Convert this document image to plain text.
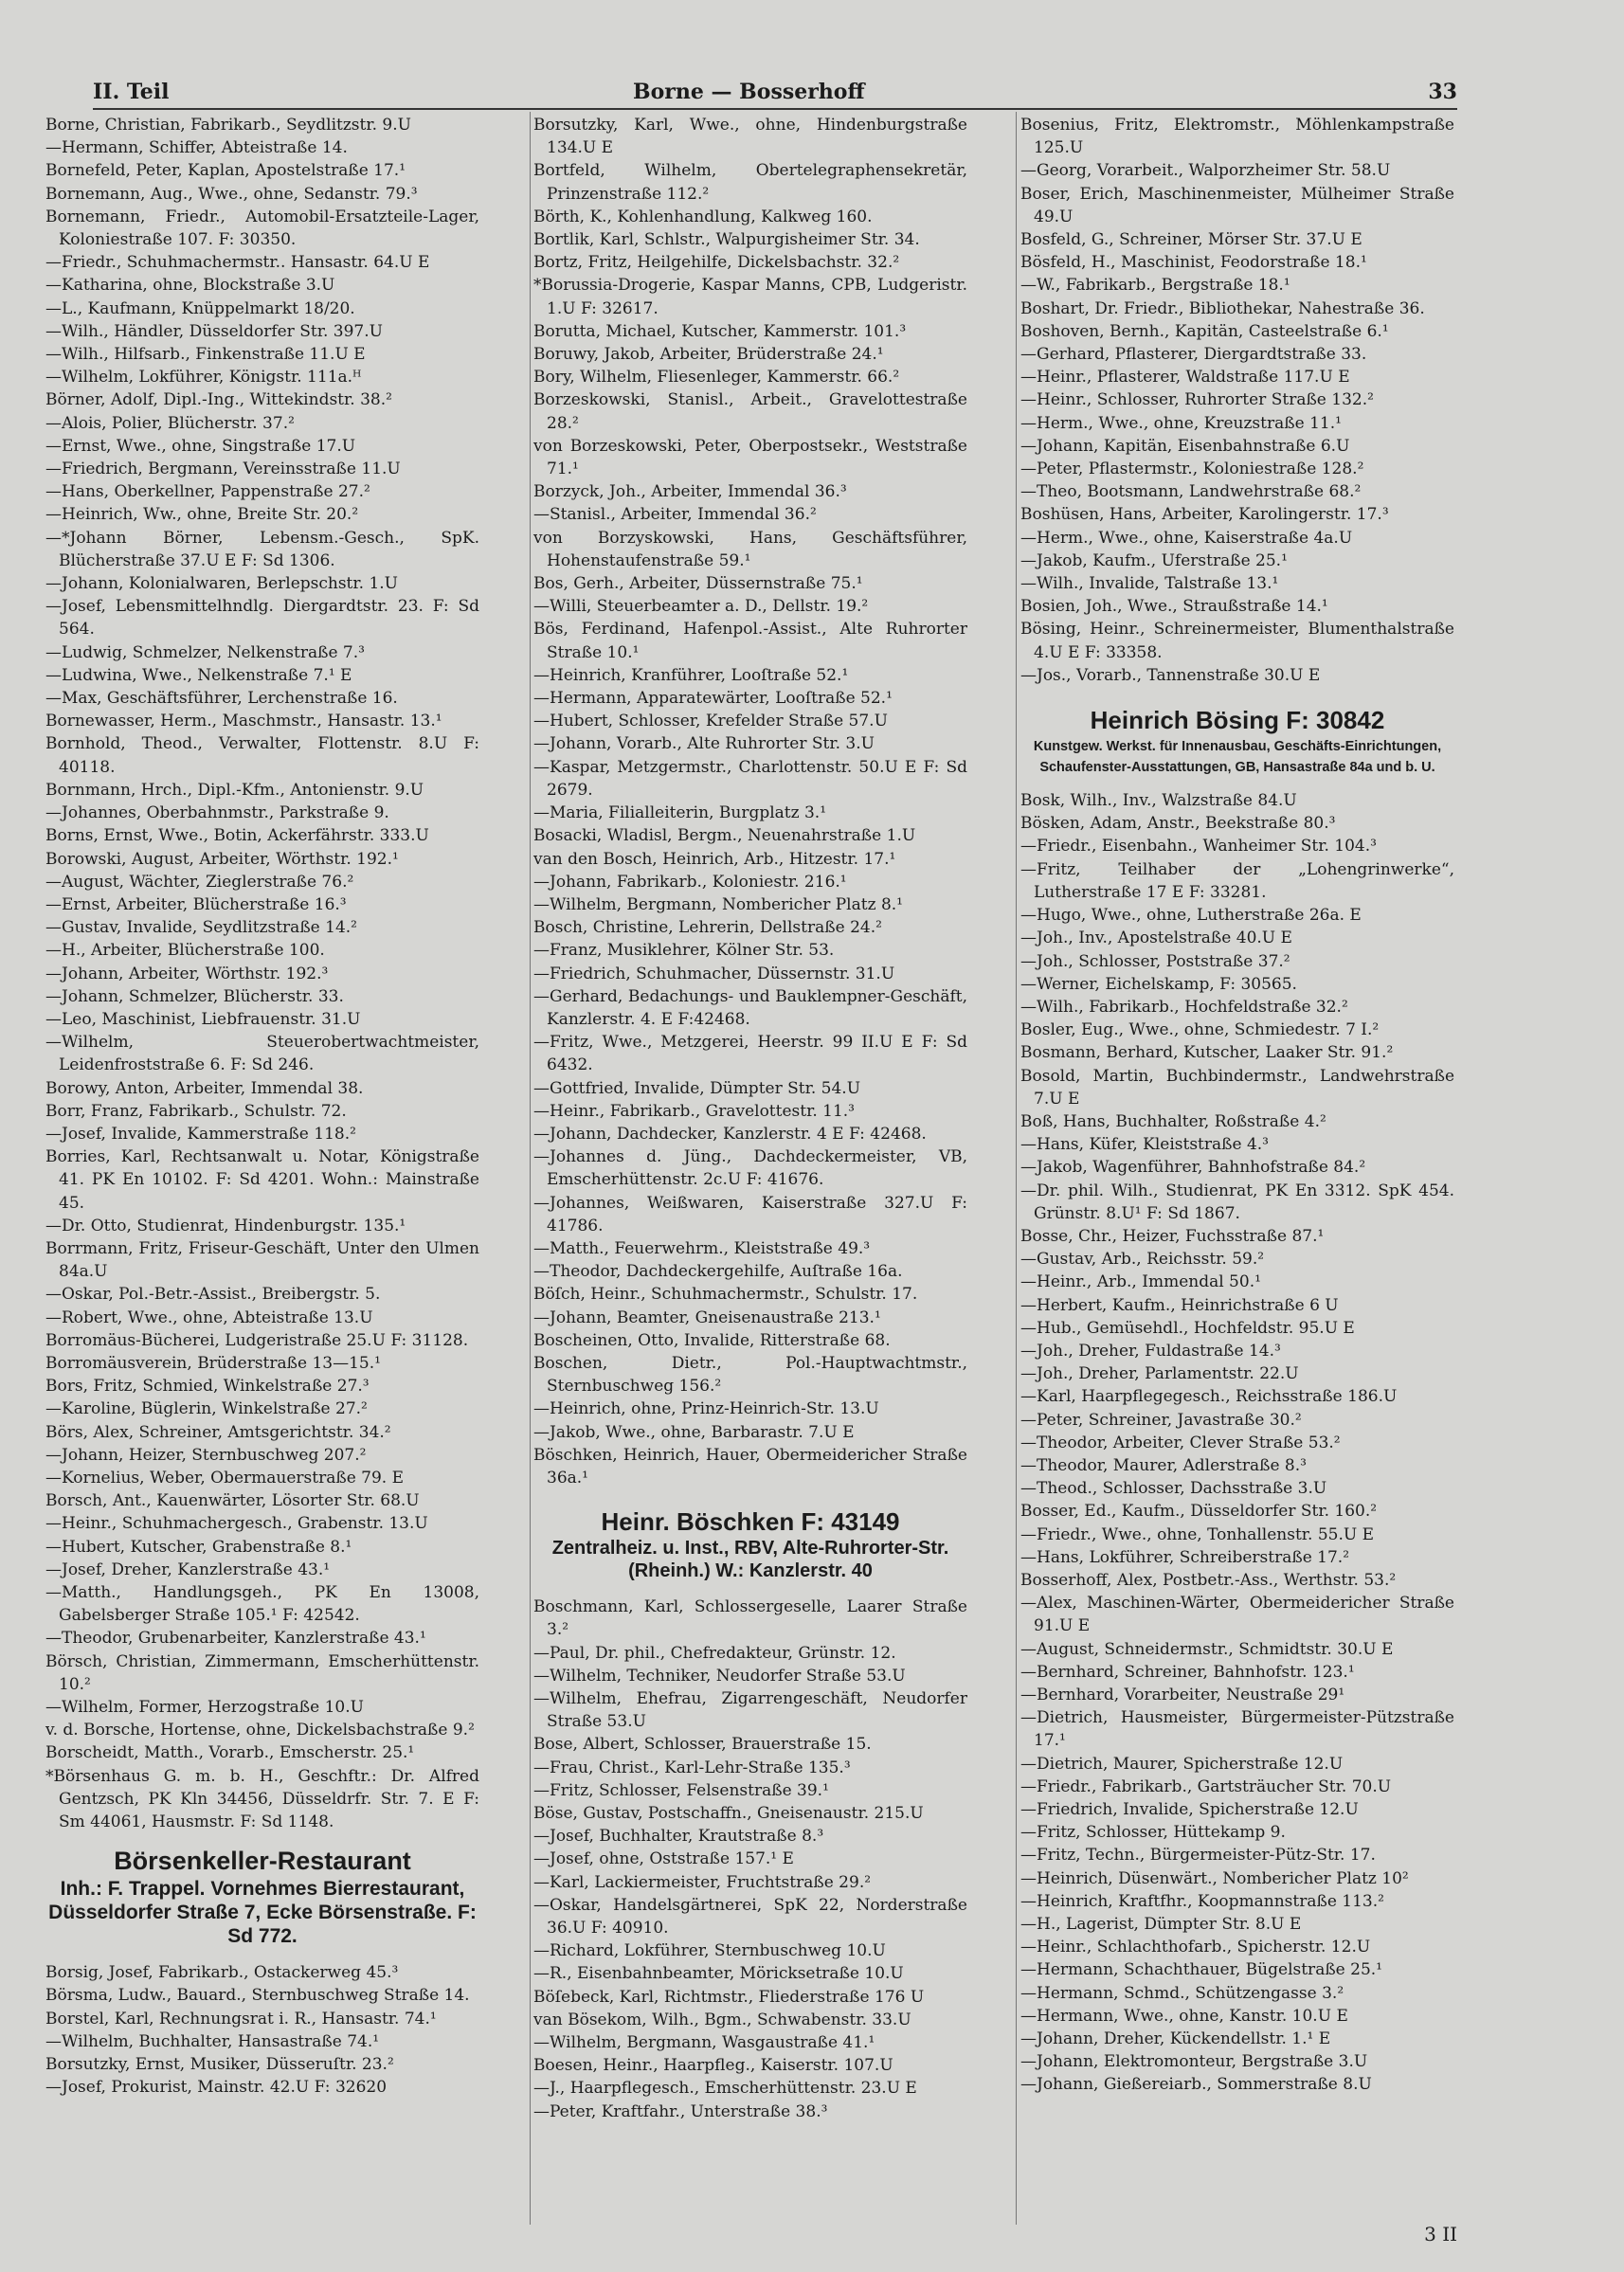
II. Teil	Borne — Bosserhoff	33
Borne, Christian, Fabrikarb., Seydlitzstr. 9.U
—Hermann, Schiffer, Abteistraße 14.
Bornefeld, Peter, Kaplan, Apostelstraße 17.¹
Bornemann, Aug., Wwe., ohne, Sedanstr. 79.³
Bornemann, Friedr., Automobil-Ersatzteile-Lager, Koloniestraße 107. F: 30350.
—Friedr., Schuhmachermstr.. Hansastr. 64.U E
—Katharina, ohne, Blockstraße 3.U
—L., Kaufmann, Knüppelmarkt 18/20.
—Wilh., Händler, Düsseldorfer Str. 397.U
—Wilh., Hilfsarb., Finkenstraße 11.U E
—Wilhelm, Lokführer, Königstr. 111a.ᴴ
Börner, Adolf, Dipl.-Ing., Wittekindstr. 38.²
—Alois, Polier, Blücherstr. 37.²
—Ernst, Wwe., ohne, Singstraße 17.U
—Friedrich, Bergmann, Vereinsstraße 11.U
—Hans, Oberkellner, Pappenstraße 27.²
—Heinrich, Ww., ohne, Breite Str. 20.²
—*Johann Börner, Lebensm.-Gesch., SpK. Blücherstraße 37.U E F: Sd 1306.
—Johann, Kolonialwaren, Berlepschstr. 1.U
—Josef, Lebensmittelhndlg. Diergardtstr. 23. F: Sd 564.
—Ludwig, Schmelzer, Nelkenstraße 7.³
—Ludwina, Wwe., Nelkenstraße 7.¹ E
—Max, Geschäftsführer, Lerchenstraße 16.
Bornewasser, Herm., Maschmstr., Hansastr. 13.¹
Bornhold, Theod., Verwalter, Flottenstr. 8.U F: 40118.
Bornmann, Hrch., Dipl.-Kfm., Antonienstr. 9.U
—Johannes, Oberbahnmstr., Parkstraße 9.
Borns, Ernst, Wwe., Botin, Ackerfährstr. 333.U
Borowski, August, Arbeiter, Wörthstr. 192.¹
—August, Wächter, Zieglerstraße 76.²
—Ernst, Arbeiter, Blücherstraße 16.³
—Gustav, Invalide, Seydlitzstraße 14.²
—H., Arbeiter, Blücherstraße 100.
—Johann, Arbeiter, Wörthstr. 192.³
—Johann, Schmelzer, Blücherstr. 33.
—Leo, Maschinist, Liebfrauenstr. 31.U
—Wilhelm, Steuerobertwachtmeister, Leidenfroststraße 6. F: Sd 246.
Borowy, Anton, Arbeiter, Immendal 38.
Borr, Franz, Fabrikarb., Schulstr. 72.
—Josef, Invalide, Kammerstraße 118.²
Borries, Karl, Rechtsanwalt u. Notar, Königstraße 41. PK En 10102. F: Sd 4201. Wohn.: Mainstraße 45.
—Dr. Otto, Studienrat, Hindenburgstr. 135.¹
Borrmann, Fritz, Friseur-Geschäft, Unter den Ulmen 84a.U
—Oskar, Pol.-Betr.-Assist., Breibergstr. 5.
—Robert, Wwe., ohne, Abteistraße 13.U
Borromäus-Bücherei, Ludgeristraße 25.U F: 31128.
Borromäusverein, Brüderstraße 13—15.¹
Bors, Fritz, Schmied, Winkelstraße 27.³
—Karoline, Büglerin, Winkelstraße 27.²
Börs, Alex, Schreiner, Amtsgerichtstr. 34.²
—Johann, Heizer, Sternbuschweg 207.²
—Kornelius, Weber, Obermauerstraße 79. E
Borsch, Ant., Kauenwärter, Lösorter Str. 68.U
—Heinr., Schuhmachergesch., Grabenstr. 13.U
—Hubert, Kutscher, Grabenstraße 8.¹
—Josef, Dreher, Kanzlerstraße 43.¹
—Matth., Handlungsgeh., PK En 13008, Gabelsberger Straße 105.¹ F: 42542.
—Theodor, Grubenarbeiter, Kanzlerstraße 43.¹
Börsch, Christian, Zimmermann, Emscherhüttenstr. 10.²
—Wilhelm, Former, Herzogstraße 10.U
v. d. Borsche, Hortense, ohne, Dickelsbachstraße 9.²
Borscheidt, Matth., Vorarb., Emscherstr. 25.¹
*Börsenhaus G. m. b. H., Geschftr.: Dr. Alfred Gentzsch, PK Kln 34456, Düsseldrfr. Str. 7. E F: Sm 44061, Hausmstr. F: Sd 1148.
Börsenkeller-Restaurant
Inh.: F. Trappel. Vornehmes Bierrestaurant, Düsseldorfer Straße 7, Ecke Börsenstraße. F: Sd 772.
Borsig, Josef, Fabrikarb., Ostackerweg 45.³
Börsma, Ludw., Bauard., Sternbuschweg Straße 14.
Borstel, Karl, Rechnungsrat i. R., Hansastr. 74.¹
—Wilhelm, Buchhalter, Hansastraße 74.¹
Borsutzky, Ernst, Musiker, Düsseruſtr. 23.²
—Josef, Prokurist, Mainstr. 42.U F: 32620
Borsutzky, Karl, Wwe., ohne, Hindenburgstraße 134.U E
Bortfeld, Wilhelm, Obertelegraphensekretär, Prinzenstraße 112.²
Börth, K., Kohlenhandlung, Kalkweg 160.
Bortlik, Karl, Schlstr., Walpurgisheimer Str. 34.
Bortz, Fritz, Heilgehilfe, Dickelsbachstr. 32.²
*Borussia-Drogerie, Kaspar Manns, CPB, Ludgeristr. 1.U F: 32617.
Borutta, Michael, Kutscher, Kammerstr. 101.³
Boruwy, Jakob, Arbeiter, Brüderstraße 24.¹
Bory, Wilhelm, Fliesenleger, Kammerstr. 66.²
Borzeskowski, Stanisl., Arbeit., Gravelottestraße 28.²
von Borzeskowski, Peter, Oberpostsekr., Weststraße 71.¹
Borzyck, Joh., Arbeiter, Immendal 36.³
—Stanisl., Arbeiter, Immendal 36.²
von Borzyskowski, Hans, Geschäftsführer, Hohenstaufenstraße 59.¹
Bos, Gerh., Arbeiter, Düssernstraße 75.¹
—Willi, Steuerbeamter a. D., Dellstr. 19.²
Bös, Ferdinand, Hafenpol.-Assist., Alte Ruhrorter Straße 10.¹
—Heinrich, Kranführer, Looſtraße 52.¹
—Hermann, Apparatewärter, Looſtraße 52.¹
—Hubert, Schlosser, Krefelder Straße 57.U
—Johann, Vorarb., Alte Ruhrorter Str. 3.U
—Kaspar, Metzgermstr., Charlottenstr. 50.U E F: Sd 2679.
—Maria, Filialleiterin, Burgplatz 3.¹
Bosacki, Wladisl, Bergm., Neuenahrstraße 1.U
van den Bosch, Heinrich, Arb., Hitzestr. 17.¹
—Johann, Fabrikarb., Koloniestr. 216.¹
—Wilhelm, Bergmann, Nombericher Platz 8.¹
Bosch, Christine, Lehrerin, Dellstraße 24.²
—Franz, Musiklehrer, Kölner Str. 53.
—Friedrich, Schuhmacher, Düssernstr. 31.U
—Gerhard, Bedachungs- und Bauklempner-Geschäft, Kanzlerstr. 4. E F:42468.
—Fritz, Wwe., Metzgerei, Heerstr. 99 II.U E F: Sd 6432.
—Gottfried, Invalide, Dümpter Str. 54.U
—Heinr., Fabrikarb., Gravelottestr. 11.³
—Johann, Dachdecker, Kanzlerstr. 4 E F: 42468.
—Johannes d. Jüng., Dachdeckermeister, VB, Emscherhüttenstr. 2c.U F: 41676.
—Johannes, Weißwaren, Kaiserstraße 327.U F: 41786.
—Matth., Feuerwehrm., Kleiststraße 49.³
—Theodor, Dachdeckergehilfe, Auſtraße 16a.
Böſch, Heinr., Schuhmachermstr., Schulstr. 17.
—Johann, Beamter, Gneisenaustraße 213.¹
Boscheinen, Otto, Invalide, Ritterstraße 68.
Boschen, Dietr., Pol.-Hauptwachtmstr., Sternbuschweg 156.²
—Heinrich, ohne, Prinz-Heinrich-Str. 13.U
—Jakob, Wwe., ohne, Barbarastr. 7.U E
Böschken, Heinrich, Hauer, Obermeidericher Straße 36a.¹
Heinr. Böschken F: 43149
Zentralheiz. u. Inst., RBV, Alte-Ruhrorter-Str. (Rheinh.) W.: Kanzlerstr. 40
Boschmann, Karl, Schlossergeselle, Laarer Straße 3.²
—Paul, Dr. phil., Chefredakteur, Grünstr. 12.
—Wilhelm, Techniker, Neudorfer Straße 53.U
—Wilhelm, Ehefrau, Zigarrengeschäft, Neudorfer Straße 53.U
Bose, Albert, Schlosser, Brauerstraße 15.
—Frau, Christ., Karl-Lehr-Straße 135.³
—Fritz, Schlosser, Felsenstraße 39.¹
Böse, Gustav, Postschaffn., Gneisenaustr. 215.U
—Josef, Buchhalter, Krautstraße 8.³
—Josef, ohne, Oststraße 157.¹ E
—Karl, Lackiermeister, Fruchtstraße 29.²
—Oskar, Handelsgärtnerei, SpK 22, Norderstraße 36.U F: 40910.
—Richard, Lokführer, Sternbuschweg 10.U
—R., Eisenbahnbeamter, Möricksetraße 10.U
Böſebeck, Karl, Richtmstr., Fliederstraße 176 U
van Bösekom, Wilh., Bgm., Schwabenstr. 33.U
—Wilhelm, Bergmann, Wasgaustraße 41.¹
Boesen, Heinr., Haarpfleg., Kaiserstr. 107.U
—J., Haarpflegesch., Emscherhüttenstr. 23.U E
—Peter, Kraftfahr., Unterstraße 38.³
Bosenius, Fritz, Elektromstr., Möhlenkampstraße 125.U
—Georg, Vorarbeit., Walporzheimer Str. 58.U
Boser, Erich, Maschinenmeister, Mülheimer Straße 49.U
Bosfeld, G., Schreiner, Mörser Str. 37.U E
Bösfeld, H., Maschinist, Feodorstraße 18.¹
—W., Fabrikarb., Bergstraße 18.¹
Boshart, Dr. Friedr., Bibliothekar, Nahestraße 36.
Boshoven, Bernh., Kapitän, Casteelstraße 6.¹
—Gerhard, Pflasterer, Diergardtstraße 33.
—Heinr., Pflasterer, Waldstraße 117.U E
—Heinr., Schlosser, Ruhrorter Straße 132.²
—Herm., Wwe., ohne, Kreuzstraße 11.¹
—Johann, Kapitän, Eisenbahnstraße 6.U
—Peter, Pflastermstr., Koloniestraße 128.²
—Theo, Bootsmann, Landwehrstraße 68.²
Boshüsen, Hans, Arbeiter, Karolingerstr. 17.³
—Herm., Wwe., ohne, Kaiserstraße 4a.U
—Jakob, Kaufm., Uferstraße 25.¹
—Wilh., Invalide, Talstraße 13.¹
Bosien, Joh., Wwe., Straußstraße 14.¹
Bösing, Heinr., Schreinermeister, Blumenthalstraße 4.U E F: 33358.
—Jos., Vorarb., Tannenstraße 30.U E
Heinrich Bösing F: 30842
Kunstgew. Werkst. für Innenausbau, Geschäfts-Einrichtungen, Schaufenster-Ausstattungen, GB, Hansastraße 84a und b. U.
Bosk, Wilh., Inv., Walzstraße 84.U
Bösken, Adam, Anstr., Beekstraße 80.³
—Friedr., Eisenbahn., Wanheimer Str. 104.³
—Fritz, Teilhaber der „Lohengrinwerke“, Lutherstraße 17 E F: 33281.
—Hugo, Wwe., ohne, Lutherstraße 26a. E
—Joh., Inv., Apostelstraße 40.U E
—Joh., Schlosser, Poststraße 37.²
—Werner, Eichelskamp, F: 30565.
—Wilh., Fabrikarb., Hochfeldstraße 32.²
Bosler, Eug., Wwe., ohne, Schmiedestr. 7 I.²
Bosmann, Berhard, Kutscher, Laaker Str. 91.²
Bosold, Martin, Buchbindermstr., Landwehrstraße 7.U E
Boß, Hans, Buchhalter, Roßstraße 4.²
—Hans, Küfer, Kleiststraße 4.³
—Jakob, Wagenführer, Bahnhofstraße 84.²
—Dr. phil. Wilh., Studienrat, PK En 3312. SpK 454. Grünstr. 8.U¹ F: Sd 1867.
Bosse, Chr., Heizer, Fuchsstraße 87.¹
—Gustav, Arb., Reichsstr. 59.²
—Heinr., Arb., Immendal 50.¹
—Herbert, Kaufm., Heinrichstraße 6 U
—Hub., Gemüsehdl., Hochfeldstr. 95.U E
—Joh., Dreher, Fuldastraße 14.³
—Joh., Dreher, Parlamentstr. 22.U
—Karl, Haarpflegegesch., Reichsstraße 186.U
—Peter, Schreiner, Javastraße 30.²
—Theodor, Arbeiter, Clever Straße 53.²
—Theodor, Maurer, Adlerstraße 8.³
—Theod., Schlosser, Dachsstraße 3.U
Bosser, Ed., Kaufm., Düsseldorfer Str. 160.²
—Friedr., Wwe., ohne, Tonhallenstr. 55.U E
—Hans, Lokführer, Schreiberstraße 17.²
Bosserhoff, Alex, Postbetr.-Ass., Werthstr. 53.²
—Alex, Maschinen-Wärter, Obermeidericher Straße 91.U E
—August, Schneidermstr., Schmidtstr. 30.U E
—Bernhard, Schreiner, Bahnhofstr. 123.¹
—Bernhard, Vorarbeiter, Neustraße 29¹
—Dietrich, Hausmeister, Bürgermeister-Pützstraße 17.¹
—Dietrich, Maurer, Spicherstraße 12.U
—Friedr., Fabrikarb., Gartsträucher Str. 70.U
—Friedrich, Invalide, Spicherstraße 12.U
—Fritz, Schlosser, Hüttekamp 9.
—Fritz, Techn., Bürgermeister-Pütz-Str. 17.
—Heinrich, Düsenwärt., Nombericher Platz 10²
—Heinrich, Kraftfhr., Koopmannstraße 113.²
—H., Lagerist, Dümpter Str. 8.U E
—Heinr., Schlachthofarb., Spicherstr. 12.U
—Hermann, Schachthauer, Bügelstraße 25.¹
—Hermann, Schmd., Schützengasse 3.²
—Hermann, Wwe., ohne, Kanstr. 10.U E
—Johann, Dreher, Kückendellstr. 1.¹ E
—Johann, Elektromonteur, Bergstraße 3.U
—Johann, Gießereiarb., Sommerstraße 8.U
3 II
